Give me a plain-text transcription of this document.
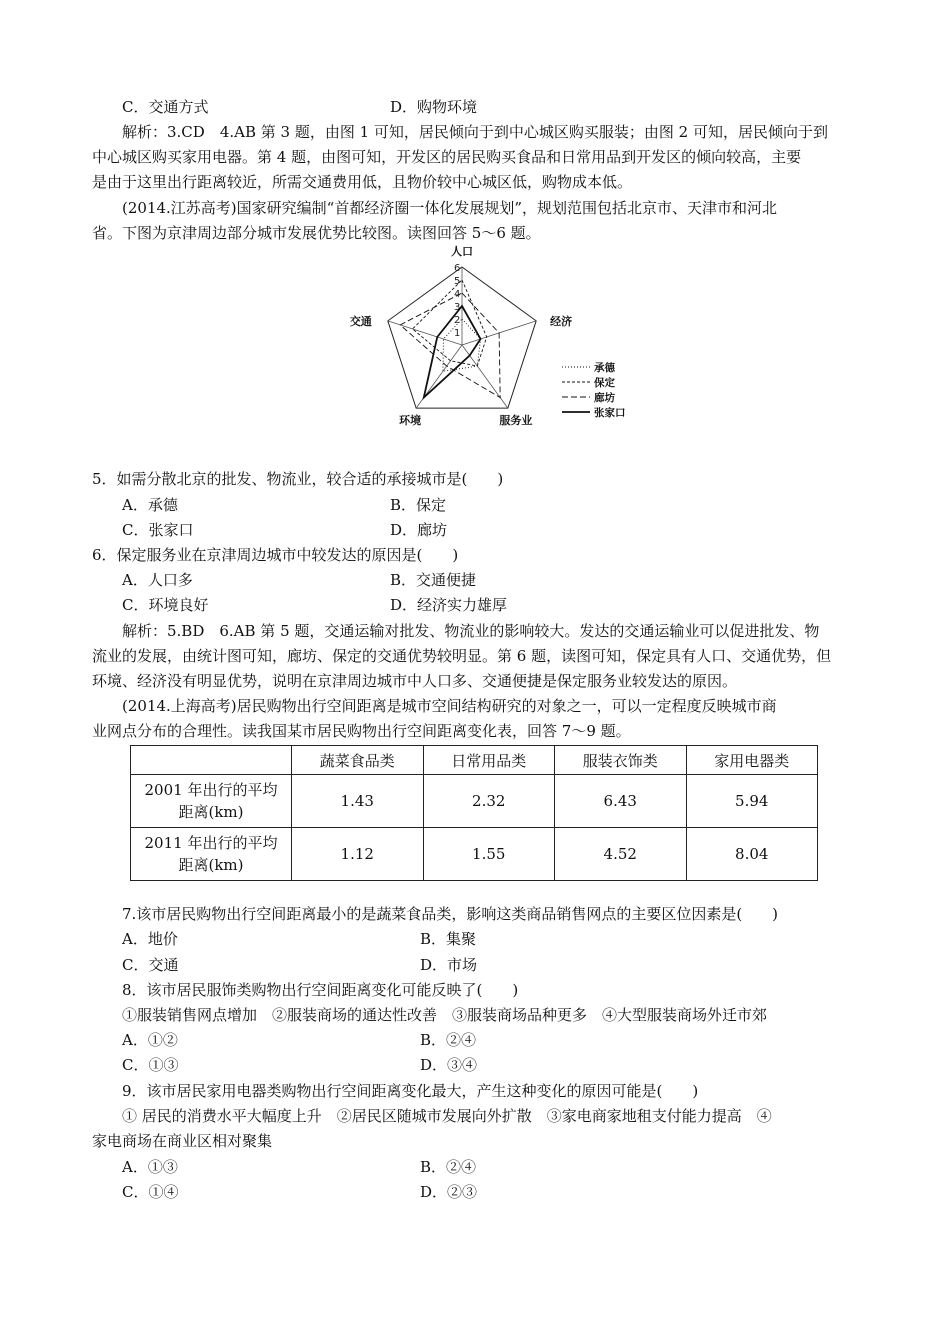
C．交通方式	D．购物环境
解析：3.CD　4.AB 第 3 题，由图 1 可知，居民倾向于到中心城区购买服装；由图 2 可知，居民倾向于到
中心城区购买家用电器。第 4 题，由图可知，开发区的居民购买食品和日常用品到开发区的倾向较高，主要
是由于这里出行距离较近，所需交通费用低，且物价较中心城区低，购物成本低。
(2014.江苏高考)国家研究编制“首都经济圈一体化发展规划”，规划范围包括北京市、天津市和河北
省。下图为京津周边部分城市发展优势比较图。读图回答 5～6 题。
1
2
3
4
5
6
人口
经济
服务业
环境
交通
承德
保定
廊坊
张家口
5．如需分散北京的批发、物流业，较合适的承接城市是(　　)
A．承德	B．保定
C．张家口	D．廊坊
6．保定服务业在京津周边城市中较发达的原因是(　　)
A．人口多	B．交通便捷
C．环境良好	D．经济实力雄厚
解析：5.BD　6.AB 第 5 题，交通运输对批发、物流业的影响较大。发达的交通运输业可以促进批发、物
流业的发展，由统计图可知，廊坊、保定的交通优势较明显。第 6 题，读图可知，保定具有人口、交通优势，但
环境、经济没有明显优势，说明在京津周边城市中人口多、交通便捷是保定服务业较发达的原因。
(2014.上海高考)居民购物出行空间距离是城市空间结构研究的对象之一，可以一定程度反映城市商
业网点分布的合理性。读我国某市居民购物出行空间距离变化表，回答 7～9 题。
	蔬菜食品类	日常用品类	服装衣饰类	家用电器类

2001 年出行的平均
距离(km)	1.43	2.32	6.43	5.94

2011 年出行的平均
距离(km)	1.12	1.55	4.52	8.04
7.该市居民购物出行空间距离最小的是蔬菜食品类，影响这类商品销售网点的主要区位因素是(　　)
A．地价	B．集聚
C．交通	D．市场
8．该市居民服饰类购物出行空间距离变化可能反映了(　　)
①服装销售网点增加　②服装商场的通达性改善　③服装商场品种更多　④大型服装商场外迁市郊
A．①②	B．②④
C．①③	D．③④
9．该市居民家用电器类购物出行空间距离变化最大，产生这种变化的原因可能是(　　)
① 居民的消费水平大幅度上升　②居民区随城市发展向外扩散　③家电商家地租支付能力提高　④
家电商场在商业区相对聚集
A．①③	B．②④
C．①④	D．②③
